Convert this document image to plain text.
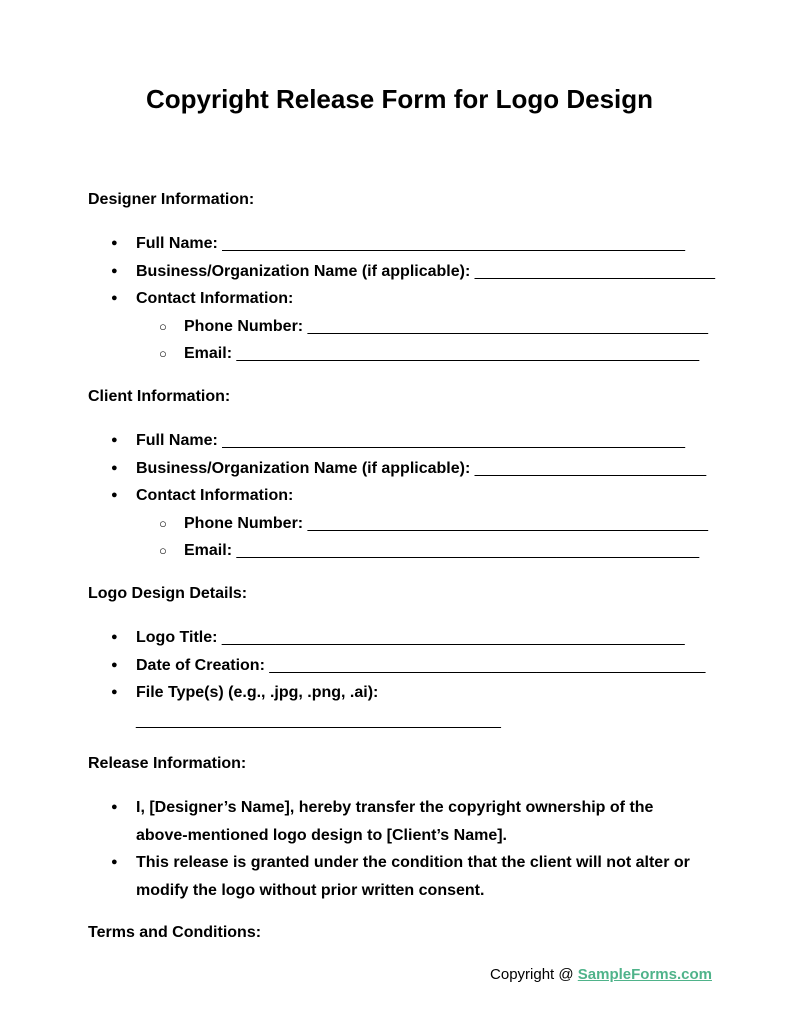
Copyright Release Form for Logo Design

Designer Information:

● Full Name: ____________________________________________________
● Business/Organization Name (if applicable): ___________________________
● Contact Information:
○ Phone Number: _____________________________________________
○ Email: ____________________________________________________

Client Information:

● Full Name: ____________________________________________________
● Business/Organization Name (if applicable): __________________________
● Contact Information:
○ Phone Number: _____________________________________________
○ Email: ____________________________________________________

Logo Design Details:

● Logo Title: ____________________________________________________
● Date of Creation: _________________________________________________
● File Type(s) (e.g., .jpg, .png, .ai):
_________________________________________

Release Information:

● I, [Designer’s Name], hereby transfer the copyright ownership of the above-mentioned logo design to [Client’s Name].
● This release is granted under the condition that the client will not alter or modify the logo without prior written consent.

Terms and Conditions:

Copyright @ SampleForms.com
